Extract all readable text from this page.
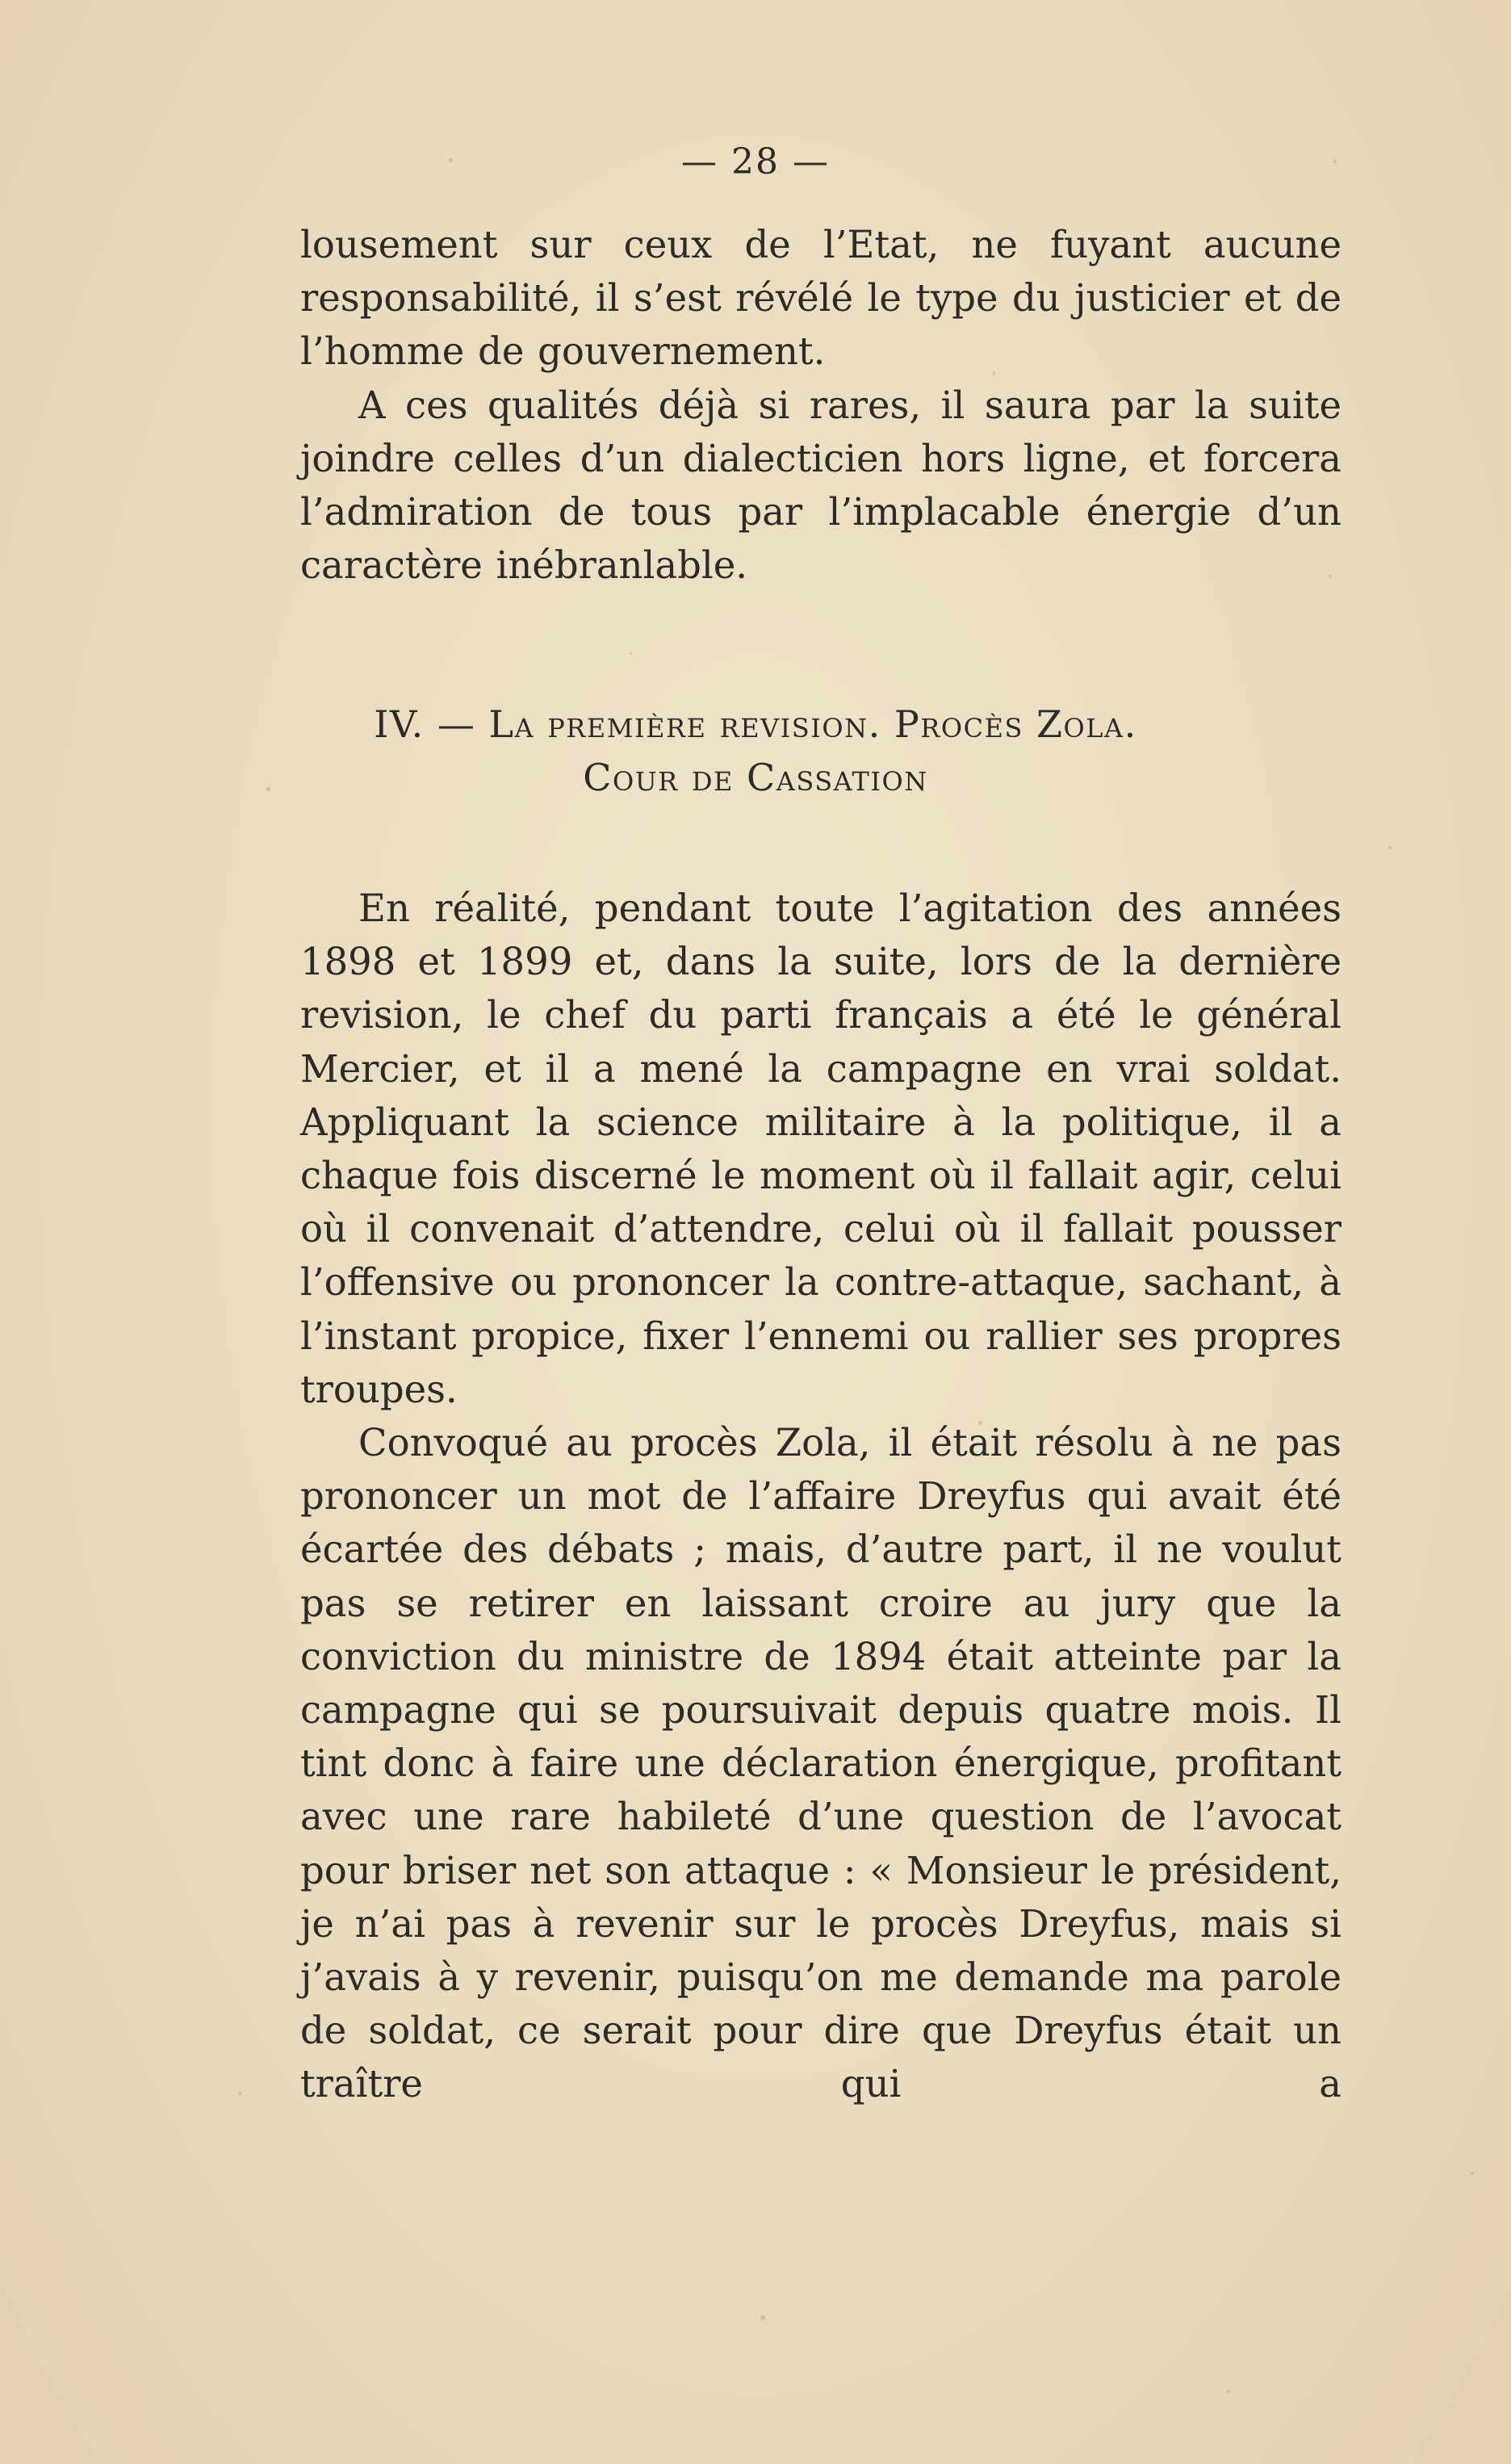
— 28 —

lousement sur ceux de l’Etat, ne fuyant aucune responsabilité, il s’est révélé le type du justicier et de l’homme de gouvernement.

A ces qualités déjà si rares, il saura par la suite joindre celles d’un dialecticien hors ligne, et forcera l’admiration de tous par l’implacable énergie d’un caractère inébranlable.

IV. — La première revision. Procès Zola.
Cour de Cassation

En réalité, pendant toute l’agitation des années 1898 et 1899 et, dans la suite, lors de la dernière revision, le chef du parti français a été le général Mercier, et il a mené la campagne en vrai soldat. Appliquant la science militaire à la politique, il a chaque fois discerné le moment où il fallait agir, celui où il convenait d’attendre, celui où il fallait pousser l’offensive ou prononcer la contre-attaque, sachant, à l’instant propice, fixer l’ennemi ou rallier ses propres troupes.

Convoqué au procès Zola, il était résolu à ne pas prononcer un mot de l’affaire Dreyfus qui avait été écartée des débats ; mais, d’autre part, il ne voulut pas se retirer en laissant croire au jury que la conviction du ministre de 1894 était atteinte par la campagne qui se poursuivait depuis quatre mois. Il tint donc à faire une déclaration énergique, profitant avec une rare habileté d’une question de l’avocat pour briser net son attaque : « Monsieur le président, je n’ai pas à revenir sur le procès Dreyfus, mais si j’avais à y revenir, puisqu’on me demande ma parole de soldat, ce serait pour dire que Dreyfus était un traître qui a
